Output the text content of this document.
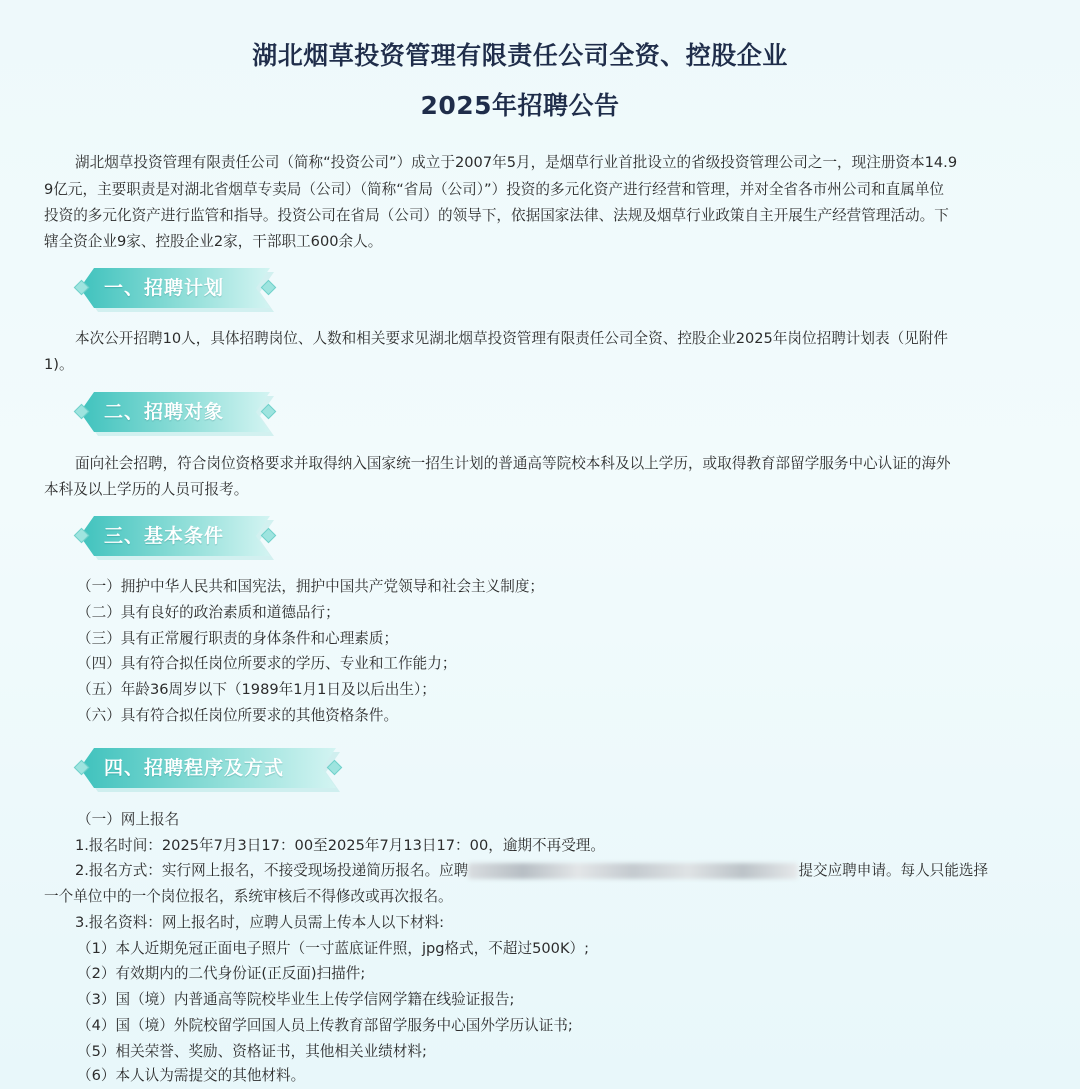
湖北烟草投资管理有限责任公司全资、控股企业
2025年招聘公告
湖北烟草投资管理有限责任公司（简称“投资公司”）成立于2007年5月，是烟草行业首批设立的省级投资管理公司之一，现注册资本14.9
9亿元，主要职责是对湖北省烟草专卖局（公司）（简称“省局（公司）”）投资的多元化资产进行经营和管理，并对全省各市州公司和直属单位
投资的多元化资产进行监管和指导。投资公司在省局（公司）的领导下，依据国家法律、法规及烟草行业政策自主开展生产经营管理活动。下
辖全资企业9家、控股企业2家，干部职工600余人。
一、招聘计划
本次公开招聘10人，具体招聘岗位、人数和相关要求见湖北烟草投资管理有限责任公司全资、控股企业2025年岗位招聘计划表（见附件
1)。
二、招聘对象
面向社会招聘，符合岗位资格要求并取得纳入国家统一招生计划的普通高等院校本科及以上学历，或取得教育部留学服务中心认证的海外
本科及以上学历的人员可报考。
三、基本条件
（一）拥护中华人民共和国宪法，拥护中国共产党领导和社会主义制度；
（二）具有良好的政治素质和道德品行；
（三）具有正常履行职责的身体条件和心理素质；
（四）具有符合拟任岗位所要求的学历、专业和工作能力；
（五）年龄36周岁以下（1989年1月1日及以后出生）；
（六）具有符合拟任岗位所要求的其他资格条件。
四、招聘程序及方式
（一）网上报名
1.报名时间：2025年7月3日17：00至2025年7月13日17：00，逾期不再受理。
2.报名方式：实行网上报名，不接受现场投递简历报名。应聘	提交应聘申请。每人只能选择
一个单位中的一个岗位报名，系统审核后不得修改或再次报名。
3.报名资料：网上报名时，应聘人员需上传本人以下材料:
（1）本人近期免冠正面电子照片（一寸蓝底证件照，jpg格式，不超过500K）;
（2）有效期内的二代身份证(正反面)扫描件;
（3）国（境）内普通高等院校毕业生上传学信网学籍在线验证报告;
（4）国（境）外院校留学回国人员上传教育部留学服务中心国外学历认证书;
（5）相关荣誉、奖励、资格证书，其他相关业绩材料;
（6）本人认为需提交的其他材料。
